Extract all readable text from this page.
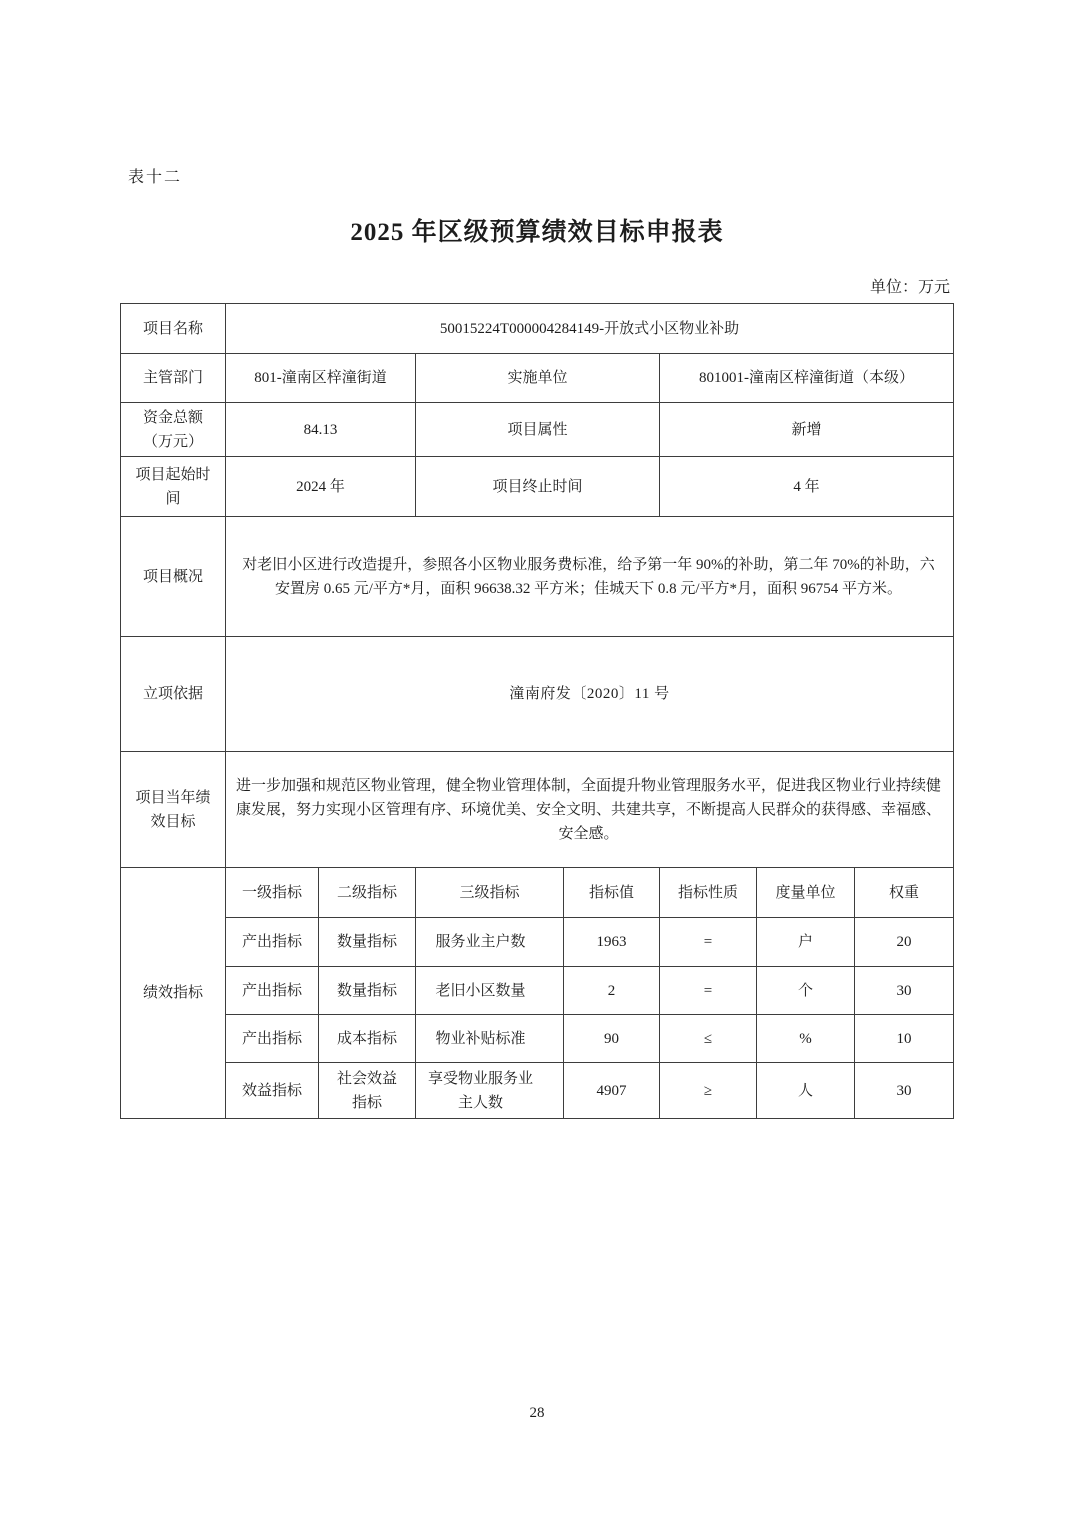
表十二
2025 年区级预算绩效目标申报表
单位：万元
项目名称	50015224T000004284149-开放式小区物业补助						
主管部门	801-潼南区梓潼街道		实施单位		801001-潼南区梓潼街道（本级）		
资金总额（万元）	84.13		项目属性		新增		
项目起始时间	2024 年		项目终止时间		4 年		
项目概况	对老旧小区进行改造提升，参照各小区物业服务费标准，给予第一年 90%的补助，第二年 70%的补助，六安置房 0.65 元/平方*月，面积 96638.32 平方米；佳城天下 0.8 元/平方*月，面积 96754 平方米。						
立项依据	潼南府发〔2020〕11 号						
项目当年绩效目标	进一步加强和规范区物业管理，健全物业管理体制，全面提升物业管理服务水平，促进我区物业行业持续健康发展，努力实现小区管理有序、环境优美、安全文明、共建共享，不断提高人民群众的获得感、幸福感、安全感。						
绩效指标	一级指标	二级指标	三级指标	指标值	指标性质	度量单位	权重
	产出指标	数量指标	服务业主户数	1963	=	户	20
	产出指标	数量指标	老旧小区数量	2	=	个	30
	产出指标	成本指标	物业补贴标准	90	≤	%	10
	效益指标	社会效益指标	享受物业服务业主人数	4907	≥	人	30
28
